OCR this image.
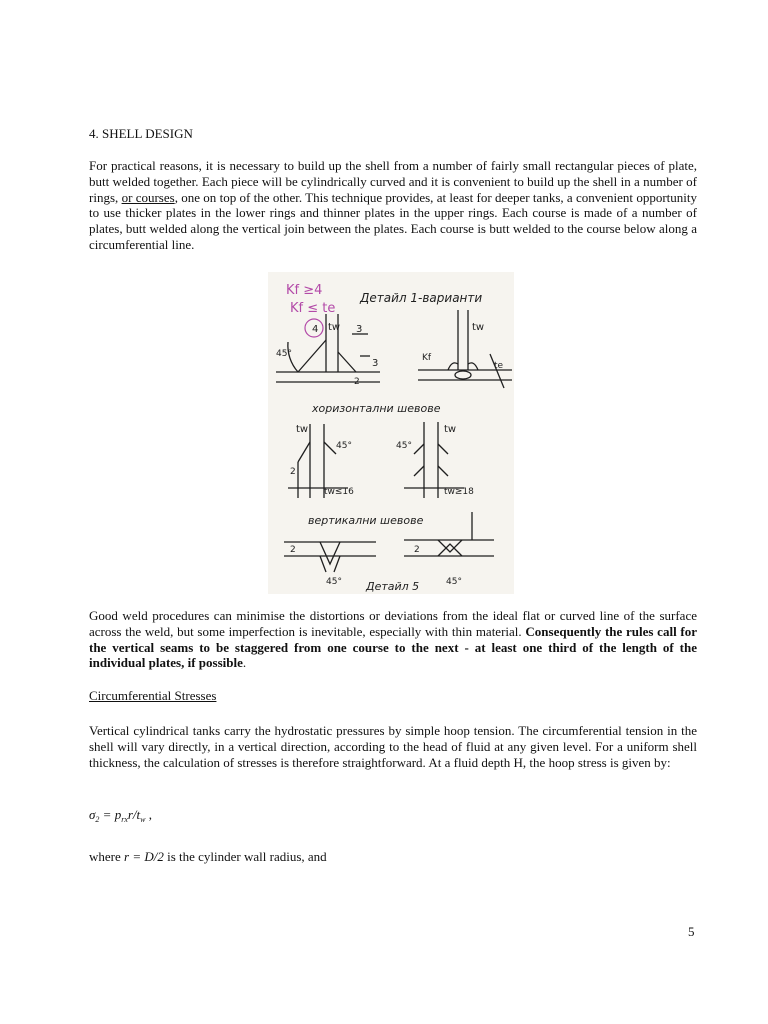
4. SHELL DESIGN

For practical reasons, it is necessary to build up the shell from a number of fairly small rectangular pieces of plate, butt welded together. Each piece will be cylindrically curved and it is convenient to build up the shell in a number of rings, or courses, one on top of the other. This technique provides, at least for deeper tanks, a convenient opportunity to use thicker plates in the lower rings and thinner plates in the upper rings. Each course is made of a number of plates, butt welded along the vertical join between the plates. Each course is butt welded to the course below along a circumferential line.

Kf ≥4
Kf ≤ te
Детайл 1-варианти
4 tw 3
3
45°
2
tw
Kf
te
хоризонтални шевове
tw
45°
2
tw≤16
tw
45°
tw≥18
вертикални шевове
2	2
45°	45°
Детайл 5

Good weld procedures can minimise the distortions or deviations from the ideal flat or curved line of the surface across the weld, but some imperfection is inevitable, especially with thin material. Consequently the rules call for the vertical seams to be staggered from one course to the next - at least one third of the length of the individual plates, if possible.

Circumferential Stresses

Vertical cylindrical tanks carry the hydrostatic pressures by simple hoop tension. The circumferential tension in the shell will vary directly, in a vertical direction, according to the head of fluid at any given level. For a uniform shell thickness, the calculation of stresses is therefore straightforward. At a fluid depth H, the hoop stress is given by:

$\sigma_2 = p_{rx}r/t_w$ ,
where r = D/2 is the cylinder wall radius, and
5
